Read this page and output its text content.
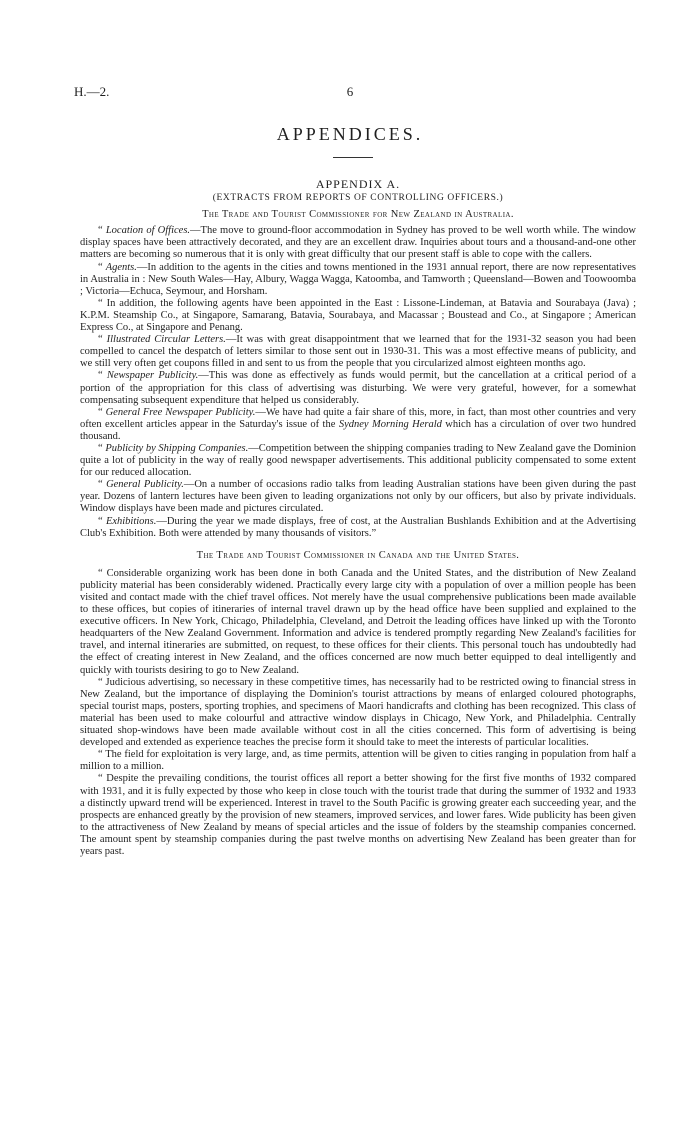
H.—2.	6
APPENDICES.
APPENDIX A.
(EXTRACTS FROM REPORTS OF CONTROLLING OFFICERS.)
The Trade and Tourist Commissioner for New Zealand in Australia.

“ Location of Offices.—The move to ground-floor accommodation in Sydney has proved to be well worth while. The window display spaces have been attractively decorated, and they are an excellent draw. Inquiries about tours and a thousand-and-one other matters are becoming so numerous that it is only with great difficulty that our present staff is able to cope with the callers.

“ Agents.—In addition to the agents in the cities and towns mentioned in the 1931 annual report, there are now representatives in Australia in : New South Wales—Hay, Albury, Wagga Wagga, Katoomba, and Tamworth ; Queensland—Bowen and Toowoomba ; Victoria—Echuca, Seymour, and Horsham.

“ In addition, the following agents have been appointed in the East : Lissone-Lindeman, at Batavia and Sourabaya (Java) ; K.P.M. Steamship Co., at Singapore, Samarang, Batavia, Sourabaya, and Macassar ; Boustead and Co., at Singapore ; American Express Co., at Singapore and Penang.

“ Illustrated Circular Letters.—It was with great disappointment that we learned that for the 1931-32 season you had been compelled to cancel the despatch of letters similar to those sent out in 1930-31. This was a most effective means of publicity, and we still very often get coupons filled in and sent to us from the people that you circularized almost eighteen months ago.

“ Newspaper Publicity.—This was done as effectively as funds would permit, but the cancellation at a critical period of a portion of the appropriation for this class of advertising was disturbing. We were very grateful, however, for a somewhat compensating subsequent expenditure that helped us considerably.

“ General Free Newspaper Publicity.—We have had quite a fair share of this, more, in fact, than most other countries and very often excellent articles appear in the Saturday's issue of the Sydney Morning Herald which has a circulation of over two hundred thousand.

“ Publicity by Shipping Companies.—Competition between the shipping companies trading to New Zealand gave the Dominion quite a lot of publicity in the way of really good newspaper advertisements. This additional publicity compensated to some extent for our reduced allocation.

“ General Publicity.—On a number of occasions radio talks from leading Australian stations have been given during the past year. Dozens of lantern lectures have been given to leading organizations not only by our officers, but also by private individuals. Window displays have been made and pictures circulated.

“ Exhibitions.—During the year we made displays, free of cost, at the Australian Bushlands Exhibition and at the Advertising Club's Exhibition. Both were attended by many thousands of visitors.”

The Trade and Tourist Commissioner in Canada and the United States.

“ Considerable organizing work has been done in both Canada and the United States, and the distribution of New Zealand publicity material has been considerably widened. Practically every large city with a population of over a million people has been visited and contact made with the chief travel offices. Not merely have the usual comprehensive publications been made available to these offices, but copies of itineraries of internal travel drawn up by the head office have been supplied and explained to the executive officers. In New York, Chicago, Philadelphia, Cleveland, and Detroit the leading offices have linked up with the Toronto headquarters of the New Zealand Government. Information and advice is tendered promptly regarding New Zealand's facilities for travel, and internal itineraries are submitted, on request, to these offices for their clients. This personal touch has undoubtedly had the effect of creating interest in New Zealand, and the offices concerned are now much better equipped to deal intelligently and quickly with tourists desiring to go to New Zealand.

“ Judicious advertising, so necessary in these competitive times, has necessarily had to be restricted owing to financial stress in New Zealand, but the importance of displaying the Dominion's tourist attractions by means of enlarged coloured photographs, special tourist maps, posters, sporting trophies, and specimens of Maori handicrafts and clothing has been recognized. This class of material has been used to make colourful and attractive window displays in Chicago, New York, and Philadelphia. Centrally situated shop-windows have been made available without cost in all the cities concerned. This form of advertising is being developed and extended as experience teaches the precise form it should take to meet the interests of particular localities.

“ The field for exploitation is very large, and, as time permits, attention will be given to cities ranging in population from half a million to a million.

“ Despite the prevailing conditions, the tourist offices all report a better showing for the first five months of 1932 compared with 1931, and it is fully expected by those who keep in close touch with the tourist trade that during the summer of 1932 and 1933 a distinctly upward trend will be experienced. Interest in travel to the South Pacific is growing greater each succeeding year, and the prospects are enhanced greatly by the provision of new steamers, improved services, and lower fares. Wide publicity has been given to the attractiveness of New Zealand by means of special articles and the issue of folders by the steamship companies concerned. The amount spent by steamship companies during the past twelve months on advertising New Zealand has been greater than for years past.
